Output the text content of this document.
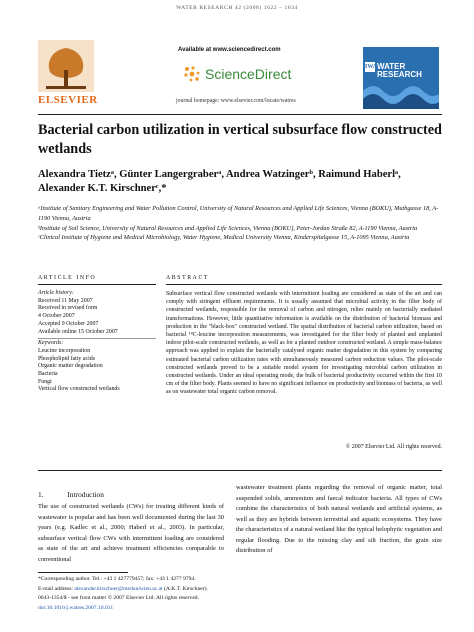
WATER RESEARCH 42 (2008) 1622 – 1634
ELSEVIER
Available at www.sciencedirect.com
ScienceDirect
journal homepage: www.elsevier.com/locate/watres
IWA WATER
RESEARCH
Bacterial carbon utilization in vertical subsurface flow constructed wetlands
Alexandra Tietzᵃ, Günter Langergraberᵃ, Andrea Watzingerᵇ, Raimund Haberlᵃ, Alexander K.T. Kirschnerᶜ,*
ᵃInstitute of Sanitary Engineering and Water Pollution Control, University of Natural Resources and Applied Life Sciences, Vienna (BOKU), Muthgasse 18, A-1190 Vienna, Austria
ᵇInstitute of Soil Science, University of Natural Resources and Applied Life Sciences, Vienna (BOKU), Peter-Jordan Straße 82, A-1190 Vienna, Austria
ᶜClinical Institute of Hygiene and Medical Microbiology, Water Hygiene, Medical University Vienna, Kinderspitalgasse 15, A-1095 Vienna, Austria
ARTICLE INFO	ABSTRACT
Article history:
Received 11 May 2007
Received in revised form
4 October 2007
Accepted 9 October 2007
Available online 15 October 2007
Keywords:
Leucine incorporation
Phospholipid fatty acids
Organic matter degradation
Bacteria
Fungi
Vertical flow constructed wetlands
Subsurface vertical flow constructed wetlands with intermittent loading are considered as state of the art and can comply with stringent effluent requirements. It is usually assumed that microbial activity in the filter body of constructed wetlands, responsible for the removal of carbon and nitrogen, relies mainly on bacterially mediated transformations. However, little quantitative information is available on the distribution of bacterial biomass and production in the "black-box" constructed wetland. The spatial distribution of bacterial carbon utilization, based on bacterial ¹⁴C-leucine incorporation measurements, was investigated for the filter body of planted and unplanted indoor pilot-scale constructed wetlands, as well as for a planted outdoor constructed wetland. A simple mass-balance approach was applied to explain the bacterially catalysed organic matter degradation in this system by comparing estimated bacterial carbon utilization rates with simultaneously measured carbon reduction values. The pilot-scale constructed wetlands proved to be a suitable model system for investigating microbial carbon utilization in constructed wetlands. Under an ideal operating mode, the bulk of bacterial productivity occurred within the first 10 cm of the filter body. Plants seemed to have no significant influence on productivity and biomass of bacteria, as well as on wastewater total organic carbon removal.
© 2007 Elsevier Ltd. All rights reserved.
1.	Introduction
The use of constructed wetlands (CWs) for treating different kinds of wastewater is popular and has been well documented during the last 30 years (e.g. Kadlec et al., 2000; Haberl et al., 2003). In particular, subsurface vertical flow CWs with intermittent loading are considered as state of the art and achieve treatment efficiencies comparable to conventional
wastewater treatment plants regarding the removal of organic matter, total suspended solids, ammonium and faecal indicator bacteria. All types of CWs combine the characteristics of both natural wetlands and artificial systems, as well as they are hybrids between terrestrial and aquatic ecosystems. They have the characteristics of a natural wetland like the typical helophytic vegetation and regular flooding. Due to the missing clay and silt fraction, the grain size distribution of
*Corresponding author. Tel.: +43 1 427779457; fax: +43 1 4277 9794.
E-mail address: alexander.kirschner@meduniwien.ac.at (A.K.T. Kirschner).
0043-1354/$ - see front matter © 2007 Elsevier Ltd. All rights reserved.
doi:10.1016/j.watres.2007.10.011
